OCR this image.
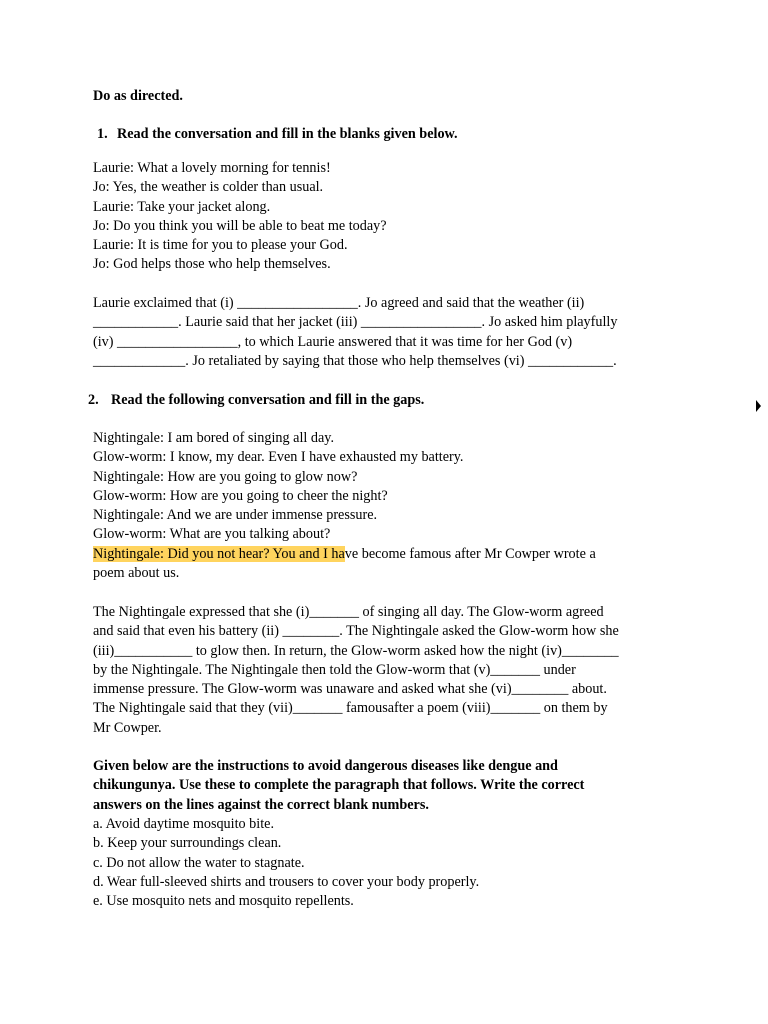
Do as directed.

1. Read the conversation and fill in the blanks given below.

Laurie: What a lovely morning for tennis!

Jo: Yes, the weather is colder than usual.

Laurie: Take your jacket along.

Jo: Do you think you will be able to beat me today?

Laurie: It is time for you to please your God.

Jo: God helps those who help themselves.

Laurie exclaimed that (i) _________________. Jo agreed and said that the weather (ii)

____________. Laurie said that her jacket (iii) _________________. Jo asked him playfully

(iv) _________________, to which Laurie answered that it was time for her God (v)

_____________. Jo retaliated by saying that those who help themselves (vi) ____________.

2. Read the following conversation and fill in the gaps.

Nightingale: I am bored of singing all day.

Glow-worm: I know, my dear. Even I have exhausted my battery.

Nightingale: How are you going to glow now?

Glow-worm: How are you going to cheer the night?

Nightingale: And we are under immense pressure.

Glow-worm: What are you talking about?

Nightingale: Did you not hear? You and I have become famous after Mr Cowper wrote a

poem about us.

The Nightingale expressed that she (i)_______ of singing all day. The Glow-worm agreed

and said that even his battery (ii) ________. The Nightingale asked the Glow-worm how she

(iii)___________ to glow then. In return, the Glow-worm asked how the night (iv)________

by the Nightingale. The Nightingale then told the Glow-worm that (v)_______ under

immense pressure. The Glow-worm was unaware and asked what she (vi)________ about.

The Nightingale said that they (vii)_______ famousafter a poem (viii)_______ on them by

Mr Cowper.

Given below are the instructions to avoid dangerous diseases like dengue and

chikungunya. Use these to complete the paragraph that follows. Write the correct

answers on the lines against the correct blank numbers.

a. Avoid daytime mosquito bite.

b. Keep your surroundings clean.

c. Do not allow the water to stagnate.

d. Wear full-sleeved shirts and trousers to cover your body properly.

e. Use mosquito nets and mosquito repellents.
